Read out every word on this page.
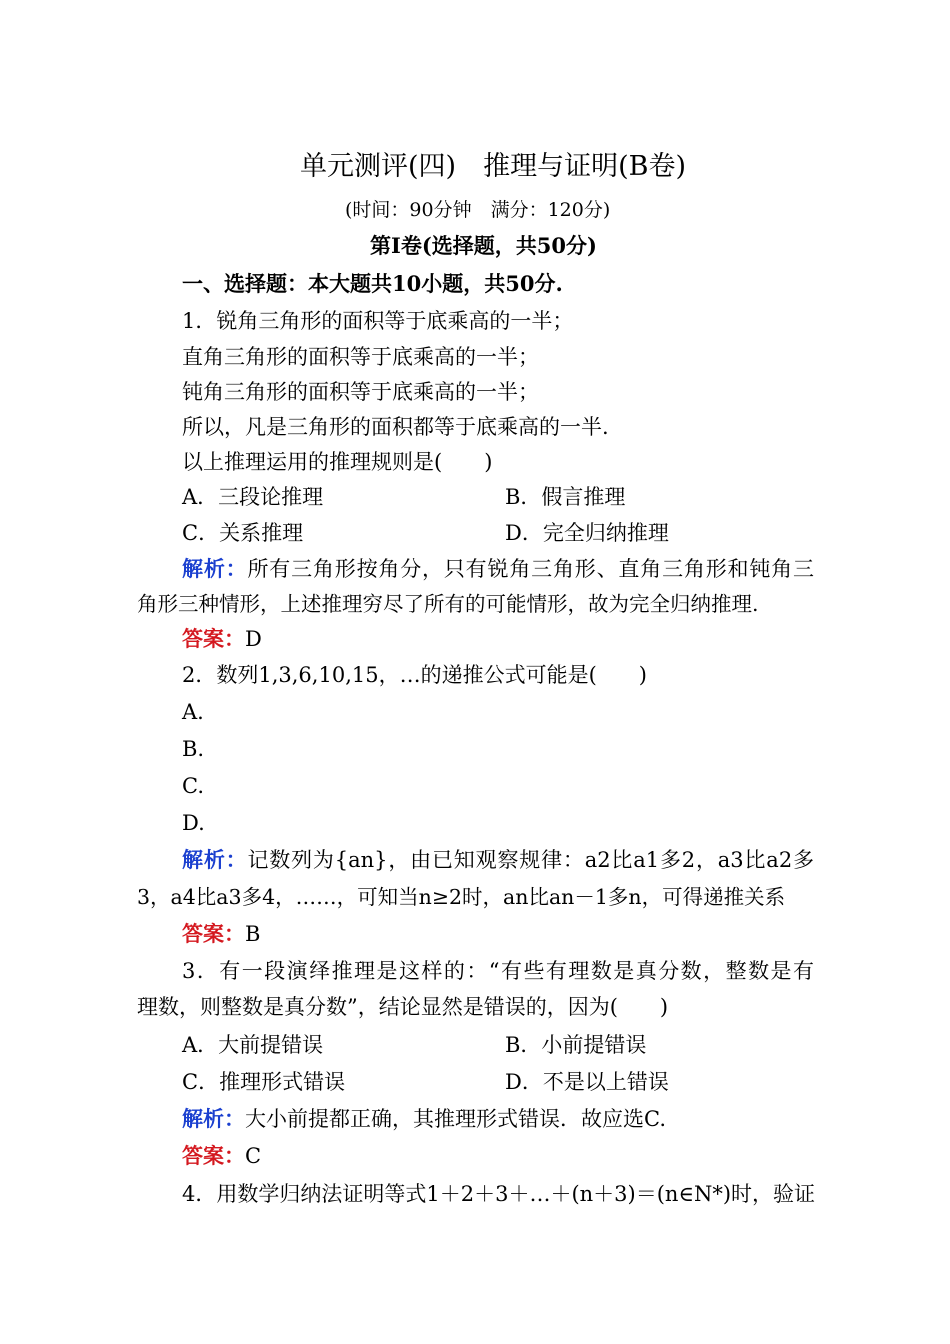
单元测评(四)　推理与证明(B卷)
(时间：90分钟　满分：120分)
第Ⅰ卷(选择题，共50分)
一、选择题：本大题共10小题，共50分.
1．锐角三角形的面积等于底乘高的一半；
直角三角形的面积等于底乘高的一半；
钝角三角形的面积等于底乘高的一半；
所以，凡是三角形的面积都等于底乘高的一半.
以上推理运用的推理规则是(　　)
A．三段论推理	B．假言推理
C．关系推理	D．完全归纳推理
解析：所有三角形按角分，只有锐角三角形、直角三角形和钝角三
角形三种情形，上述推理穷尽了所有的可能情形，故为完全归纳推理.
答案：D
2．数列1,3,6,10,15，…的递推公式可能是(　　)
A.
B.
C.
D.
解析：记数列为{an}，由已知观察规律：a2比a1多2，a3比a2多
3，a4比a3多4，……，可知当n≥2时，an比an－1多n，可得递推关系
答案：B
3．有一段演绎推理是这样的：“有些有理数是真分数，整数是有
理数，则整数是真分数”，结论显然是错误的，因为(　　)
A．大前提错误	B．小前提错误
C．推理形式错误	D．不是以上错误
解析：大小前提都正确，其推理形式错误．故应选C.
答案：C
4．用数学归纳法证明等式1＋2＋3＋…＋(n＋3)＝(n∈N*)时，验证
